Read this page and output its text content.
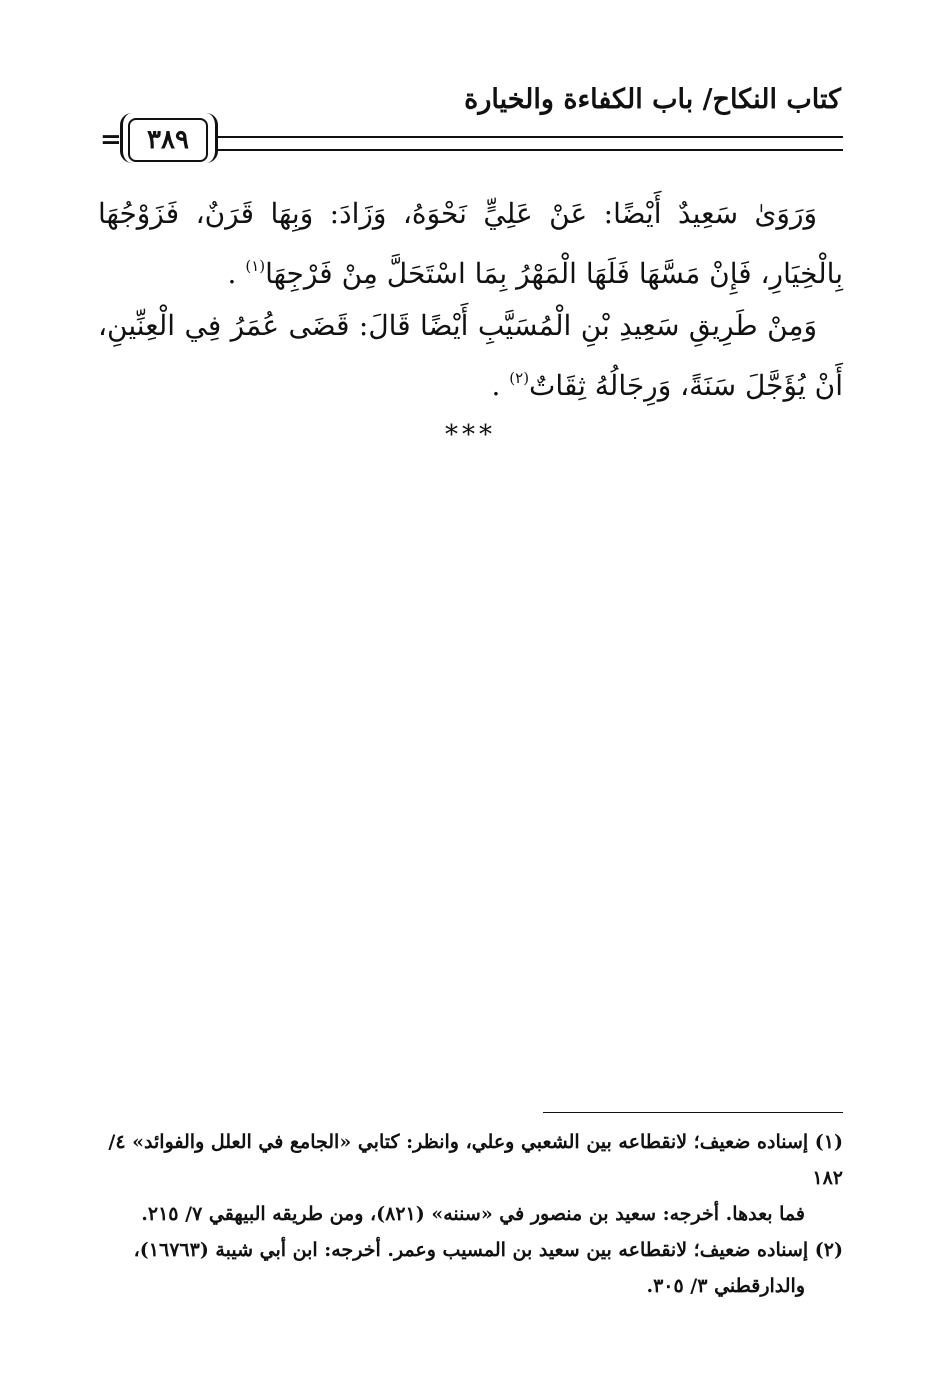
كتاب النكاح/ باب الكفاءة والخيارة
٣٨٩
=

وَرَوَىٰ سَعِيدٌ أَيْضًا: عَنْ عَلِيٍّ نَحْوَهُ، وَزَادَ: وَبِهَا قَرَنٌ، فَزَوْجُهَا بِالْخِيَارِ، فَإِنْ مَسَّهَا فَلَهَا الْمَهْرُ بِمَا اسْتَحَلَّ مِنْ فَرْجِهَا$^{(١)}$ .

وَمِنْ طَرِيقِ سَعِيدِ بْنِ الْمُسَيَّبِ أَيْضًا قَالَ: قَضَى عُمَرُ فِي الْعِنِّينِ، أَنْ يُؤَجَّلَ سَنَةً، وَرِجَالُهُ ثِقَاتٌ$^{(٢)}$ .

***

(١) إسناده ضعيف؛ لانقطاعه بين الشعبي وعلي، وانظر: كتابي «الجامع في العلل والفوائد» ٤/ ١٨٢
فما بعدها. أخرجه: سعيد بن منصور في «سننه» (٨٢١)، ومن طريقه البيهقي ٧/ ٢١٥.

(٢) إسناده ضعيف؛ لانقطاعه بين سعيد بن المسيب وعمر. أخرجه: ابن أبي شيبة (١٦٧٦٣)،
والدارقطني ٣/ ٣٠٥.
